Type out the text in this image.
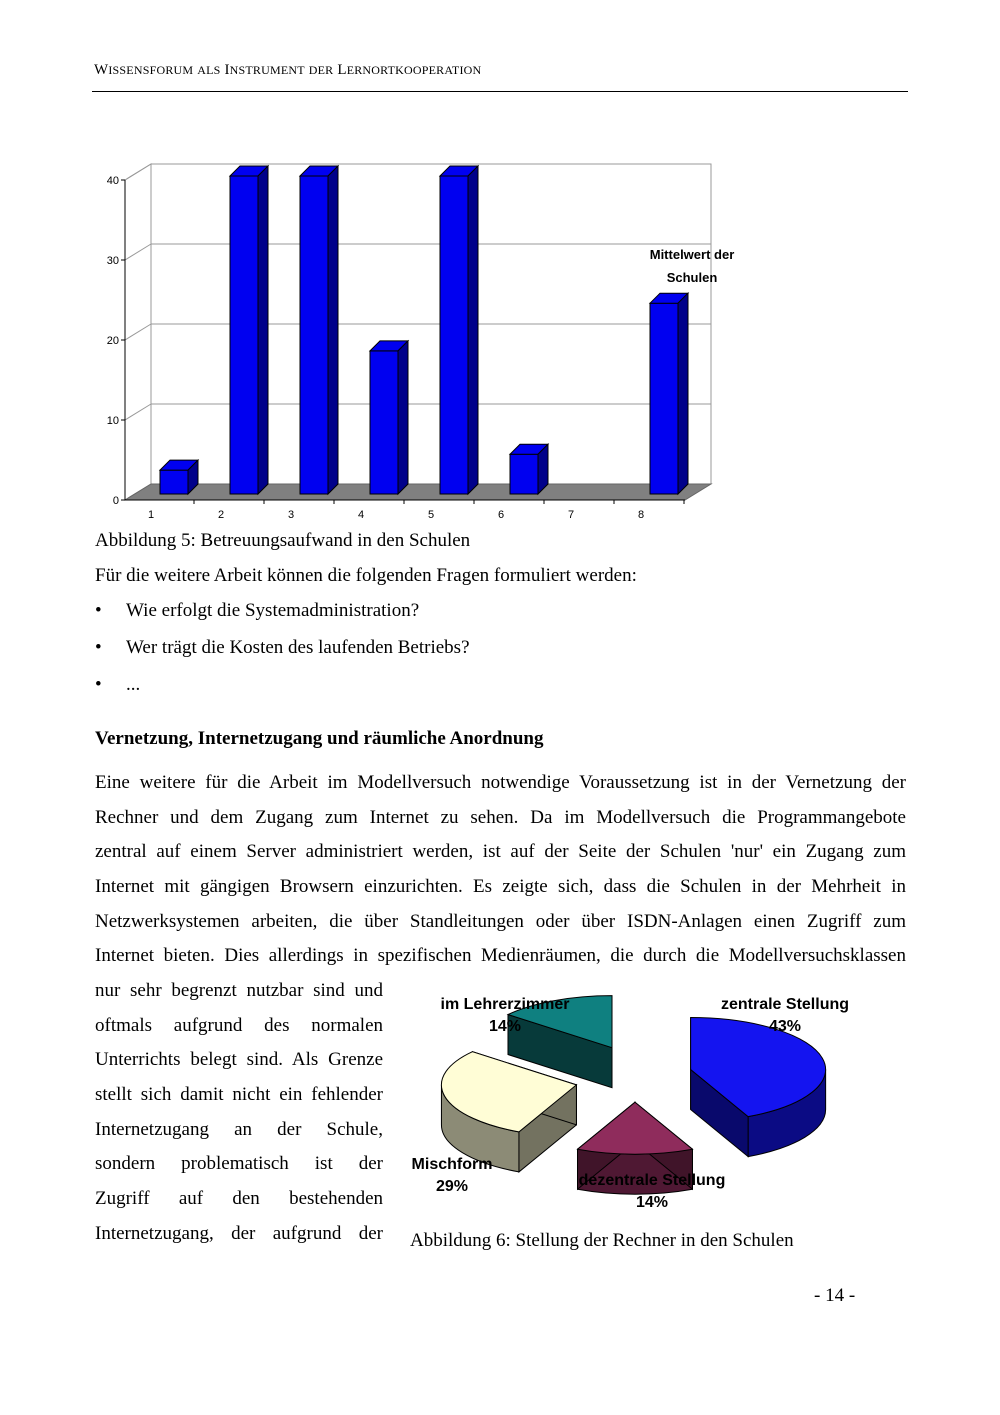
WISSENSFORUM ALS INSTRUMENT DER LERNORTKOOPERATION
0
10
20
30
40
1	2	3	4	5	6	7	8
Mittelwert der
Schulen
Abbildung 5: Betreuungsaufwand in den Schulen
Für die weitere Arbeit können die folgenden Fragen formuliert werden:
• Wie erfolgt die Systemadministration?
• Wer trägt die Kosten des laufenden Betriebs?
• ...
Vernetzung, Internetzugang und räumliche Anordnung
Eine weitere für die Arbeit im Modellversuch notwendige Voraussetzung ist in der Vernetzung der
Rechner und dem Zugang zum Internet zu sehen. Da im Modellversuch die Programmangebote
zentral auf einem Server administriert werden, ist auf der Seite der Schulen 'nur' ein Zugang zum
Internet mit gängigen Browsern einzurichten. Es zeigte sich, dass die Schulen in der Mehrheit in
Netzwerksystemen arbeiten, die über Standleitungen oder über ISDN-Anlagen einen Zugriff zum
Internet bieten. Dies allerdings in spezifischen Medienräumen, die durch die Modellversuchsklassen
nur sehr begrenzt nutzbar sind und
oftmals aufgrund des normalen
Unterrichts belegt sind. Als Grenze
stellt sich damit nicht ein fehlender
Internetzugang an der Schule,
sondern problematisch ist der
Zugriff auf den bestehenden
Internetzugang, der aufgrund der
zentrale Stellung
43%
dezentrale Stellung
14%
Mischform
29%
im Lehrerzimmer
14%
Abbildung 6: Stellung der Rechner in den Schulen
- 14 -
